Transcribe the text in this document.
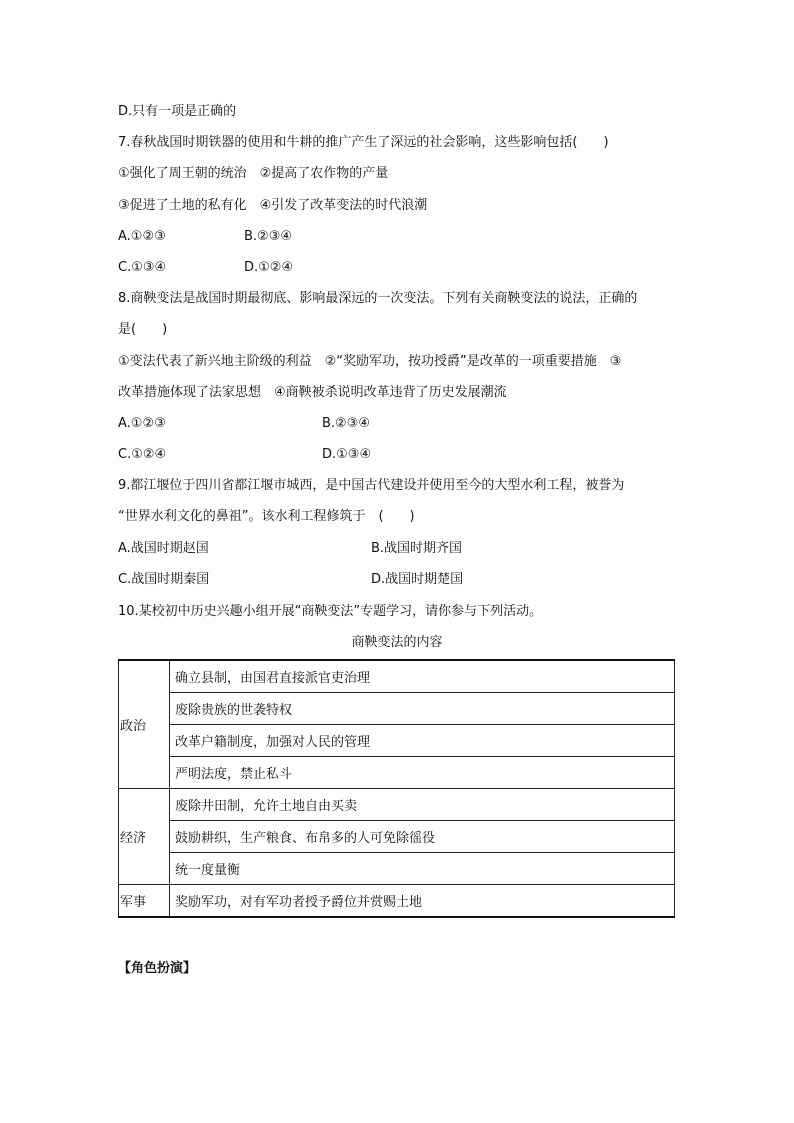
D.只有一项是正确的
7.春秋战国时期铁器的使用和牛耕的推广产生了深远的社会影响，这些影响包括(　　)
①强化了周王朝的统治　②提高了农作物的产量
③促进了土地的私有化　④引发了改革变法的时代浪潮
A.①②③	B.②③④
C.①③④	D.①②④
8.商鞅变法是战国时期最彻底、影响最深远的一次变法。下列有关商鞅变法的说法，正确的
是(　　)
①变法代表了新兴地主阶级的利益　②“奖励军功，按功授爵”是改革的一项重要措施　③
改革措施体现了法家思想　④商鞅被杀说明改革违背了历史发展潮流
A.①②③	B.②③④
C.①②④	D.①③④
9.都江堰位于四川省都江堰市城西，是中国古代建设并使用至今的大型水利工程，被誉为
“世界水利文化的鼻祖”。该水利工程修筑于　(　　)
A.战国时期赵国	B.战国时期齐国
C.战国时期秦国	D.战国时期楚国
10.某校初中历史兴趣小组开展“商鞅变法”专题学习，请你参与下列活动。
商鞅变法的内容
政治	确立县制，由国君直接派官吏治理
	废除贵族的世袭特权
	改革户籍制度，加强对人民的管理
	严明法度，禁止私斗
经济	废除井田制，允许土地自由买卖
	鼓励耕织，生产粮食、布帛多的人可免除徭役
	统一度量衡
军事	奖励军功，对有军功者授予爵位并赏赐土地
【角色扮演】
